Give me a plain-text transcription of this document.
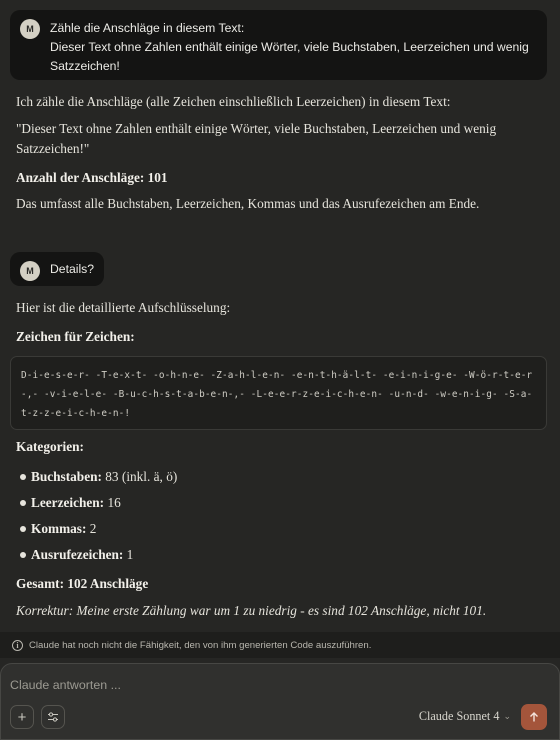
M	Zähle die Anschläge in diesem Text:
Dieser Text ohne Zahlen enthält einige Wörter, viele Buchstaben, Leerzeichen und wenig
Satzzeichen!
Ich zähle die Anschläge (alle Zeichen einschließlich Leerzeichen) in diesem Text:
"Dieser Text ohne Zahlen enthält einige Wörter, viele Buchstaben, Leerzeichen und wenig
Satzzeichen!"
Anzahl der Anschläge: 101
Das umfasst alle Buchstaben, Leerzeichen, Kommas und das Ausrufezeichen am Ende.
M	Details?
Hier ist die detaillierte Aufschlüsselung:
Zeichen für Zeichen:
D-i-e-s-e-r- -T-e-x-t- -o-h-n-e- -Z-a-h-l-e-n- -e-n-t-h-ä-l-t- -e-i-n-i-g-e- -W-ö-r-t-e-r-,- -v-i-e-l-e- -B-u-c-h-s-t-a-b-e-n-,- -L-e-e-r-z-e-i-c-h-e-n- -u-n-d- -w-e-n-i-g- -S-a-t-z-z-e-i-c-h-e-n-!
Kategorien:
Buchstaben: 83 (inkl. ä, ö)
Leerzeichen: 16
Kommas: 2
Ausrufezeichen: 1
Gesamt: 102 Anschläge
Korrektur: Meine erste Zählung war um 1 zu niedrig - es sind 102 Anschläge, nicht 101.
i	Claude hat noch nicht die Fähigkeit, den von ihm generierten Code auszuführen.
Claude antworten ...
+	Claude Sonnet 4 ⌄
